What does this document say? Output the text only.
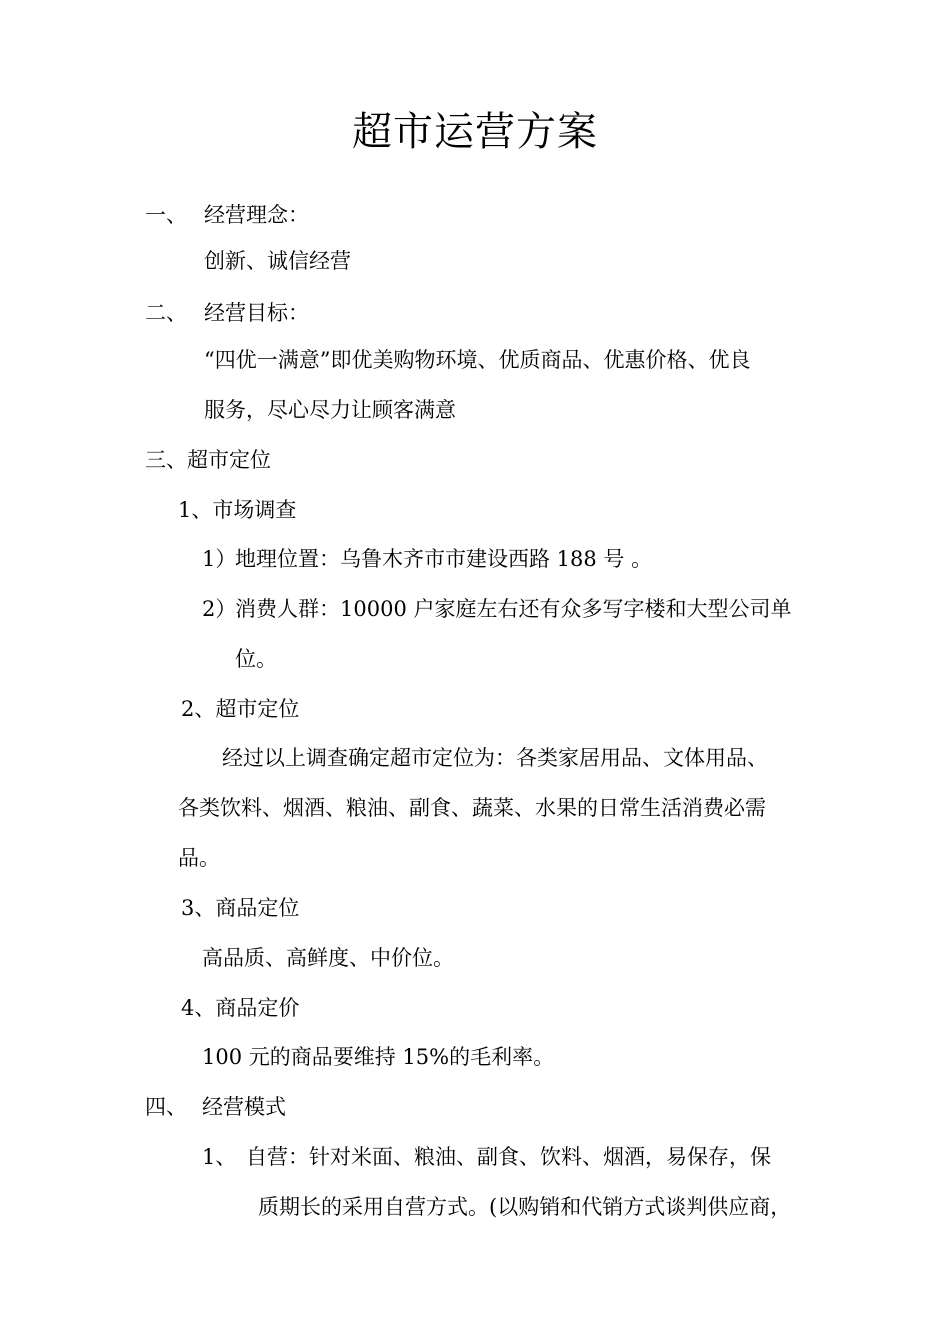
超市运营方案
一、 经营理念：
创新、诚信经营
二、 经营目标：
“四优一满意”即优美购物环境、优质商品、优惠价格、优良
服务，尽心尽力让顾客满意
三、超市定位
1、市场调查
1）
地理位置：乌鲁木齐市市建设西路 188 号 。
2）
消费人群：10000 户家庭左右还有众多写字楼和大型公司单
位。
2、超市定位
经过以上调查确定超市定位为：各类家居用品、文体用品、
各类饮料、烟酒、粮油、副食、蔬菜、水果的日常生活消费必需
品。
3、商品定位
高品质、高鲜度、中价位。
4、商品定价
100 元的商品要维持 15%的毛利率。
四、 经营模式
1、 自营：针对米面、粮油、副食、饮料、烟酒，易保存，保
质期长的采用自营方式。(以购销和代销方式谈判供应商，
